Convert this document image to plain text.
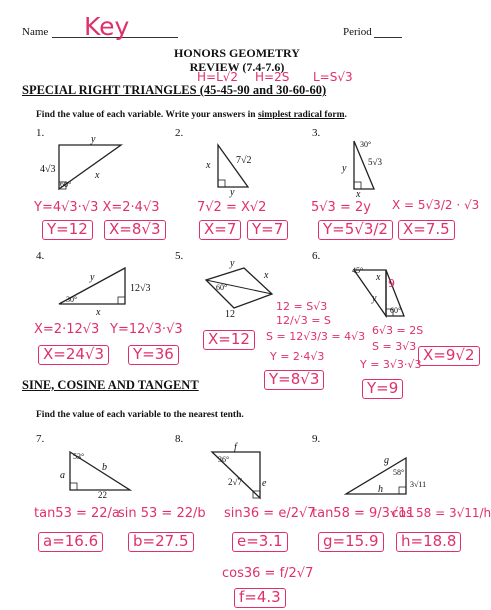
Name Key	Period
HONORS GEOMETRY
REVIEW (7.4-7.6)
H=L√2 H=2S L=S√3
SPECIAL RIGHT TRIANGLES (45-45-90 and 30-60-60)
Find the value of each variable. Write your answers in simplest radical form.
1.	2.	3.
y
4√3
60°
x
x	7√2
y
30°
5√3
y
x
Y=4√3·√3 X=2·4√3
Y=12	X=8√3
7√2 = X√2
X=7	Y=7
5√3 = 2y X = 5√3/2 · √3
Y=5√3/2	X=7.5
4.	5.	6.
y
12√3
30°
x
y
x
60°
12
45°
9
y
60°
x
X=2·12√3 Y=12√3·√3
X=24√3	Y=36
X=12
12 = S√3
12/√3 = S
S = 12√3/3 = 4√3
Y = 2·4√3
Y=8√3
6√3 = 2S
S = 3√3
Y = 3√3·√3
X=9√2
Y=9
SINE, COSINE AND TANGENT
Find the value of each variable to the nearest tenth.
7.	8.	9.
53°
a
b
22
36°
f
2√7 e
g
58°
h	3√11
tan53 = 22/a
a=16.6
sin 53 = 22/b
b=27.5
sin36 = e/2√7
e=3.1
cos36 = f/2√7
f=4.3
tan58 = 9/3√11
g=15.9
cos 58 = 3√11/h
h=18.8
